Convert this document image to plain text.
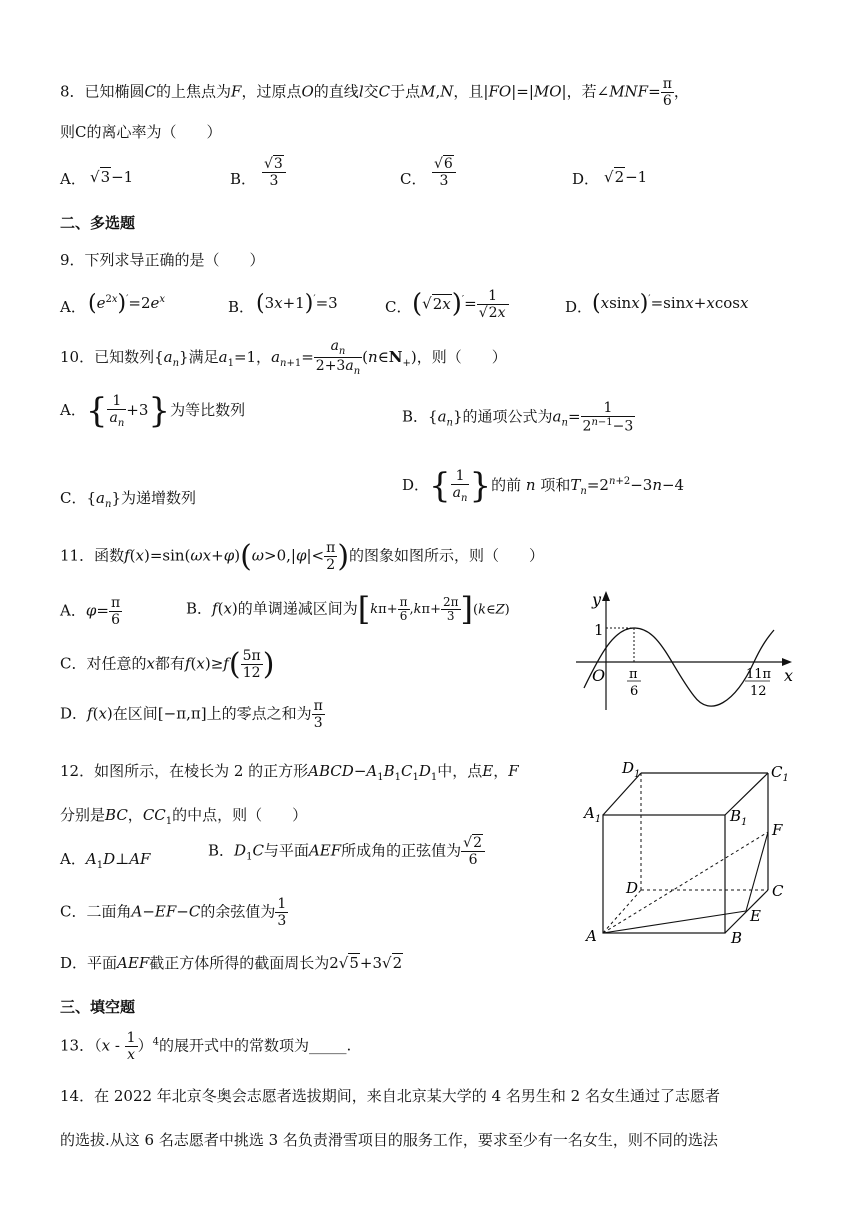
8．已知椭圆C的上焦点为F，过原点O的直线l交C于点M,N，且|FO|=|MO|，若∠MNF= $\frac{\pi}{6}$ ，
则C的离心率为（　　）
A． √3−1	B． $\frac{√3}{3}$	C． $\frac{√6}{3}$	D． √2−1
二、多选题
9．下列求导正确的是（　　）
A． $(e^{2x})'=2e^x$	B． (3x+1)′=3	C． $(√2x)'= \frac{1}{√2x}$	D． (xsinx)′=sinx+xcosx
10．已知数列$\{a_n\}$满足$a_1=1$，$a_{n+1}= \frac{a_n}{2+3a_n}$ $(n\in N_+)$，则（　　）
A．{ $\frac{1}{a_n} +3$}为等比数列	B．$\{a_n\}$的通项公式为$a_n= \frac{1}{2^{n-1}-3}$
C．$\{a_n\}$为递增数列
D．{ $\frac{1}{a_n}$ }的前 n 项和$T_n=2^{n+2}-3n-4$
11．函数$f(x)=\sin(\omega x+\varphi)(\omega>0,|\varphi|< \frac{\pi}{2}$ )的图象如图所示，则（　　）
A．$\varphi= \frac{\pi}{6}$	B．f(x)的单调递减区间为[$k\pi+ \frac{\pi}{6} ,k\pi+ \frac{2\pi}{3}$ ](k∈Z)
C．对任意的x都有$f(x)\ge f( \frac{5\pi}{12}$ )
D．f(x)在区间[−π,π]上的零点之和为 $\frac{\pi}{3}$
y
x
O
1
π
6
11π
12
12．如图所示，在棱长为 2 的正方形$ABCD-A_1B_1C_1D_1$中，点E，F
分别是BC，$CC_1$的中点，则（　　）
A．$A_1D\perp AF$	B．$D_1C$与平面AEF所成角的正弦值为 $\frac{√2}{6}$
C．二面角A−EF−C的余弦值为 $\frac{1}{3}$
D．平面AEF截正方体所得的截面周长为2√5+3√2
$D_1$	$C_1$
$A_1$	$B_1$ F
D	C
E
A	B
三、填空题
13．$(x - \frac{1}{x} )^4$的展开式中的常数项为_____.
14．在 2022 年北京冬奥会志愿者选拔期间，来自北京某大学的 4 名男生和 2 名女生通过了志愿者
的选拔.从这 6 名志愿者中挑选 3 名负责滑雪项目的服务工作，要求至少有一名女生，则不同的选法
